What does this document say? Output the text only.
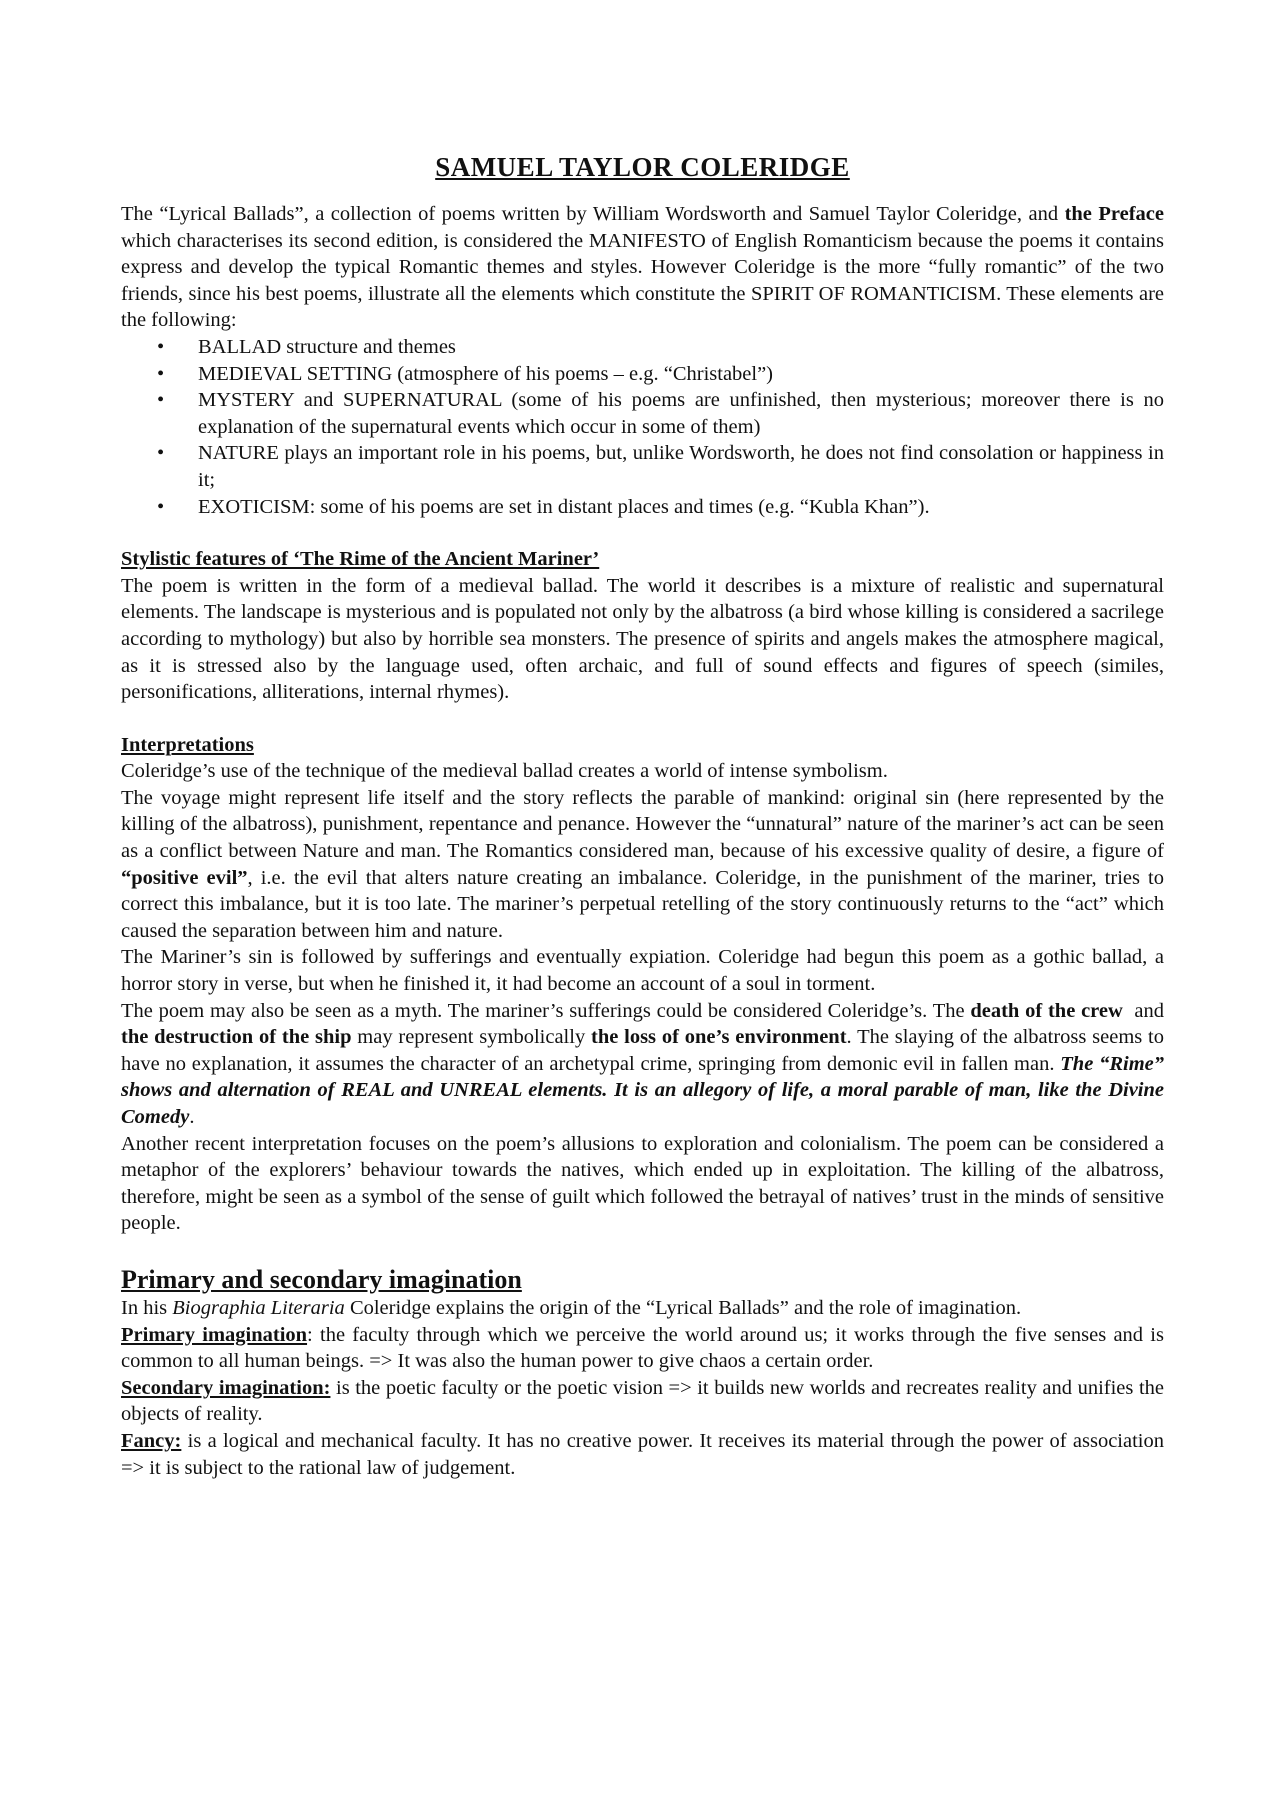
SAMUEL TAYLOR COLERIDGE

The “Lyrical Ballads”, a collection of poems written by William Wordsworth and Samuel Taylor Coleridge, and the Preface which characterises its second edition, is considered the MANIFESTO of English Romanticism because the poems it contains express and develop the typical Romantic themes and styles. However Coleridge is the more “fully romantic” of the two friends, since his best poems, illustrate all the elements which constitute the SPIRIT OF ROMANTICISM. These elements are the following:

• BALLAD structure and themes
• MEDIEVAL SETTING (atmosphere of his poems – e.g. “Christabel”)
• MYSTERY and SUPERNATURAL (some of his poems are unfinished, then mysterious; moreover there is no explanation of the supernatural events which occur in some of them)
• NATURE plays an important role in his poems, but, unlike Wordsworth, he does not find consolation or happiness in it;
• EXOTICISM: some of his poems are set in distant places and times (e.g. “Kubla Khan”).

Stylistic features of ‘The Rime of the Ancient Mariner’

The poem is written in the form of a medieval ballad. The world it describes is a mixture of realistic and supernatural elements. The landscape is mysterious and is populated not only by the albatross (a bird whose killing is considered a sacrilege according to mythology) but also by horrible sea monsters. The presence of spirits and angels makes the atmosphere magical, as it is stressed also by the language used, often archaic, and full of sound effects and figures of speech (similes, personifications, alliterations, internal rhymes).

Interpretations

Coleridge’s use of the technique of the medieval ballad creates a world of intense symbolism.

The voyage might represent life itself and the story reflects the parable of mankind: original sin (here represented by the killing of the albatross), punishment, repentance and penance. However the “unnatural” nature of the mariner’s act can be seen as a conflict between Nature and man. The Romantics considered man, because of his excessive quality of desire, a figure of “positive evil”, i.e. the evil that alters nature creating an imbalance. Coleridge, in the punishment of the mariner, tries to correct this imbalance, but it is too late. The mariner’s perpetual retelling of the story continuously returns to the “act” which caused the separation between him and nature.

The Mariner’s sin is followed by sufferings and eventually expiation. Coleridge had begun this poem as a gothic ballad, a horror story in verse, but when he finished it, it had become an account of a soul in torment.

The poem may also be seen as a myth. The mariner’s sufferings could be considered Coleridge’s. The death of the crew  and the destruction of the ship may represent symbolically the loss of one’s environment. The slaying of the albatross seems to have no explanation, it assumes the character of an archetypal crime, springing from demonic evil in fallen man. The “Rime” shows and alternation of REAL and UNREAL elements. It is an allegory of life, a moral parable of man, like the Divine Comedy.

Another recent interpretation focuses on the poem’s allusions to exploration and colonialism. The poem can be considered a metaphor of the explorers’ behaviour towards the natives, which ended up in exploitation. The killing of the albatross, therefore, might be seen as a symbol of the sense of guilt which followed the betrayal of natives’ trust in the minds of sensitive people.

Primary and secondary imagination

In his Biographia Literaria Coleridge explains the origin of the “Lyrical Ballads” and the role of imagination.

Primary imagination: the faculty through which we perceive the world around us; it works through the five senses and is common to all human beings. => It was also the human power to give chaos a certain order.

Secondary imagination: is the poetic faculty or the poetic vision => it builds new worlds and recreates reality and unifies the objects of reality.

Fancy: is a logical and mechanical faculty. It has no creative power. It receives its material through the power of association => it is subject to the rational law of judgement.
